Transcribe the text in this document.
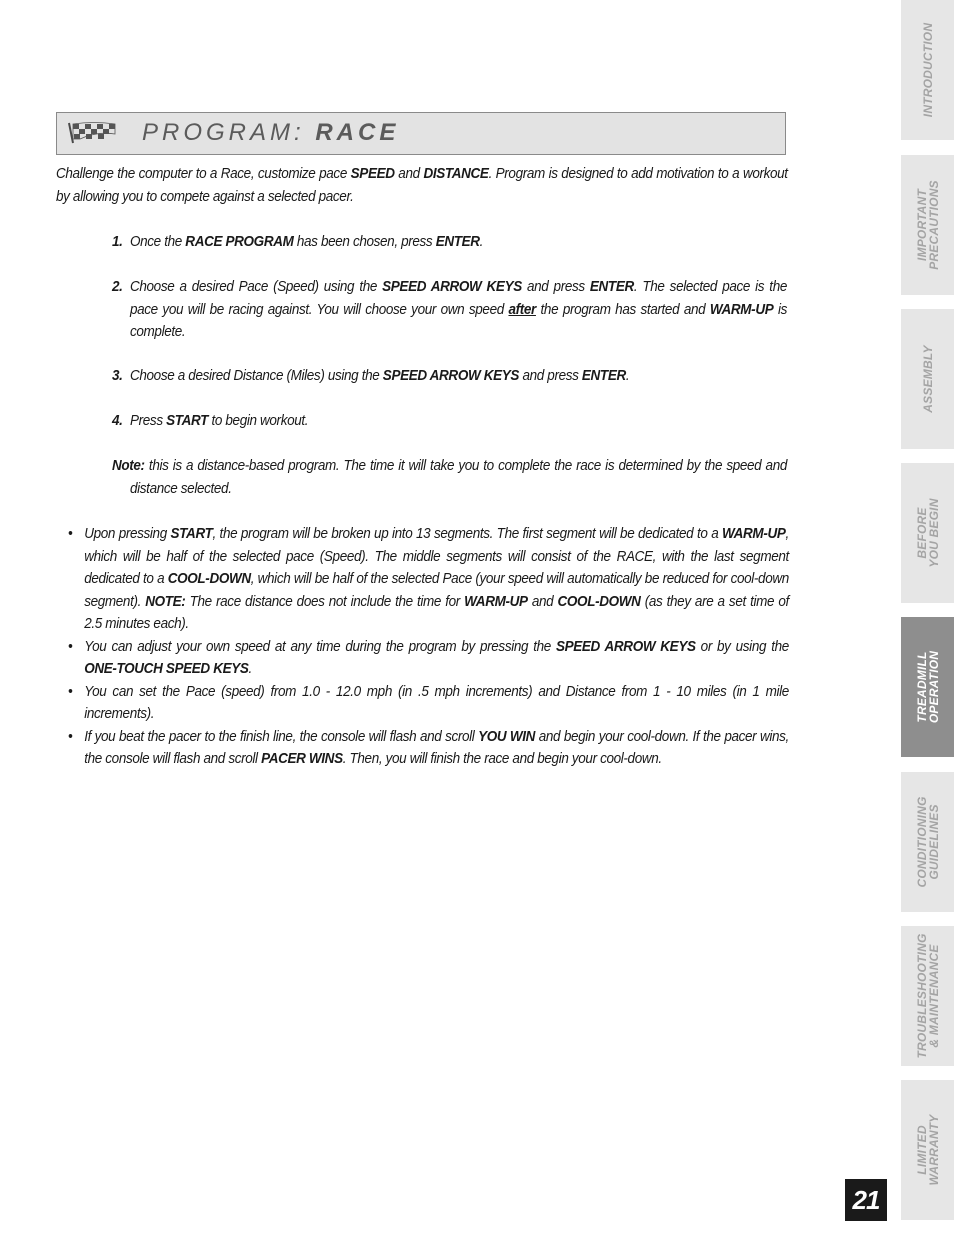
PROGRAM: RACE
Challenge the computer to a Race, customize pace SPEED and DISTANCE. Program is designed to add motivation to a workout by allowing you to compete against a selected pacer.
1. Once the RACE PROGRAM has been chosen, press ENTER.
2. Choose a desired Pace (Speed) using the SPEED ARROW KEYS and press ENTER. The selected pace is the pace you will be racing against. You will choose your own speed after the program has started and WARM-UP is complete.
3. Choose a desired Distance (Miles) using the SPEED ARROW KEYS and press ENTER.
4. Press START to begin workout.
Note: this is a distance-based program. The time it will take you to complete the race is determined by the speed and distance selected.
• Upon pressing START, the program will be broken up into 13 segments. The first segment will be dedicated to a WARM-UP, which will be half of the selected pace (Speed). The middle segments will consist of the RACE, with the last segment dedicated to a COOL-DOWN, which will be half of the selected Pace (your speed will automatically be reduced for cool-down segment). NOTE: The race distance does not include the time for WARM-UP and COOL-DOWN (as they are a set time of 2.5 minutes each).
• You can adjust your own speed at any time during the program by pressing the SPEED ARROW KEYS or by using the ONE-TOUCH SPEED KEYS.
• You can set the Pace (speed) from 1.0 - 12.0 mph (in .5 mph increments) and Distance from 1 - 10 miles (in 1 mile increments).
• If you beat the pacer to the finish line, the console will flash and scroll YOU WIN and begin your cool-down. If the pacer wins, the console will flash and scroll PACER WINS. Then, you will finish the race and begin your cool-down.
INTRODUCTION
IMPORTANT
PRECAUTIONS
ASSEMBLY
BEFORE
YOU BEGIN
TREADMILL
OPERATION
CONDITIONING
GUIDELINES
TROUBLESHOOTING
& MAINTENANCE
LIMITED
WARRANTY
21
